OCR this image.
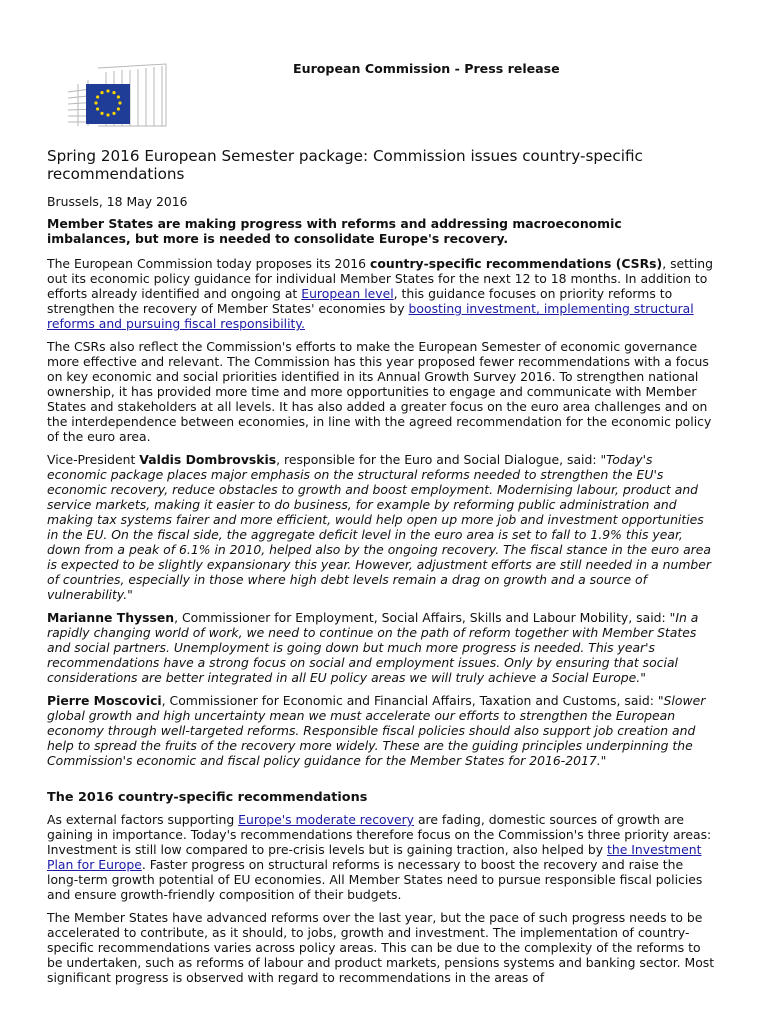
European Commission - Press release
Spring 2016 European Semester package: Commission issues country-specific recommendations
Brussels, 18 May 2016
Member States are making progress with reforms and addressing macroeconomic imbalances, but more is needed to consolidate Europe's recovery.

The European Commission today proposes its 2016 country-specific recommendations (CSRs), setting out its economic policy guidance for individual Member States for the next 12 to 18 months. In addition to efforts already identified and ongoing at European level, this guidance focuses on priority reforms to strengthen the recovery of Member States' economies by boosting investment, implementing structural reforms and pursuing fiscal responsibility.

The CSRs also reflect the Commission's efforts to make the European Semester of economic governance more effective and relevant. The Commission has this year proposed fewer recommendations with a focus on key economic and social priorities identified in its Annual Growth Survey 2016. To strengthen national ownership, it has provided more time and more opportunities to engage and communicate with Member States and stakeholders at all levels. It has also added a greater focus on the euro area challenges and on the interdependence between economies, in line with the agreed recommendation for the economic policy of the euro area.

Vice-President Valdis Dombrovskis, responsible for the Euro and Social Dialogue, said: "Today's economic package places major emphasis on the structural reforms needed to strengthen the EU's economic recovery, reduce obstacles to growth and boost employment. Modernising labour, product and service markets, making it easier to do business, for example by reforming public administration and making tax systems fairer and more efficient, would help open up more job and investment opportunities in the EU. On the fiscal side, the aggregate deficit level in the euro area is set to fall to 1.9% this year, down from a peak of 6.1% in 2010, helped also by the ongoing recovery. The fiscal stance in the euro area is expected to be slightly expansionary this year. However, adjustment efforts are still needed in a number of countries, especially in those where high debt levels remain a drag on growth and a source of vulnerability."

Marianne Thyssen, Commissioner for Employment, Social Affairs, Skills and Labour Mobility, said: "In a rapidly changing world of work, we need to continue on the path of reform together with Member States and social partners. Unemployment is going down but much more progress is needed. This year's recommendations have a strong focus on social and employment issues. Only by ensuring that social considerations are better integrated in all EU policy areas we will truly achieve a Social Europe."

Pierre Moscovici, Commissioner for Economic and Financial Affairs, Taxation and Customs, said: "Slower global growth and high uncertainty mean we must accelerate our efforts to strengthen the European economy through well-targeted reforms. Responsible fiscal policies should also support job creation and help to spread the fruits of the recovery more widely. These are the guiding principles underpinning the Commission's economic and fiscal policy guidance for the Member States for 2016-2017."

The 2016 country-specific recommendations

As external factors supporting Europe's moderate recovery are fading, domestic sources of growth are gaining in importance. Today's recommendations therefore focus on the Commission's three priority areas: Investment is still low compared to pre-crisis levels but is gaining traction, also helped by the Investment Plan for Europe. Faster progress on structural reforms is necessary to boost the recovery and raise the long-term growth potential of EU economies. All Member States need to pursue responsible fiscal policies and ensure growth-friendly composition of their budgets.

The Member States have advanced reforms over the last year, but the pace of such progress needs to be accelerated to contribute, as it should, to jobs, growth and investment. The implementation of country-specific recommendations varies across policy areas. This can be due to the complexity of the reforms to be undertaken, such as reforms of labour and product markets, pensions systems and banking sector. Most significant progress is observed with regard to recommendations in the areas of
